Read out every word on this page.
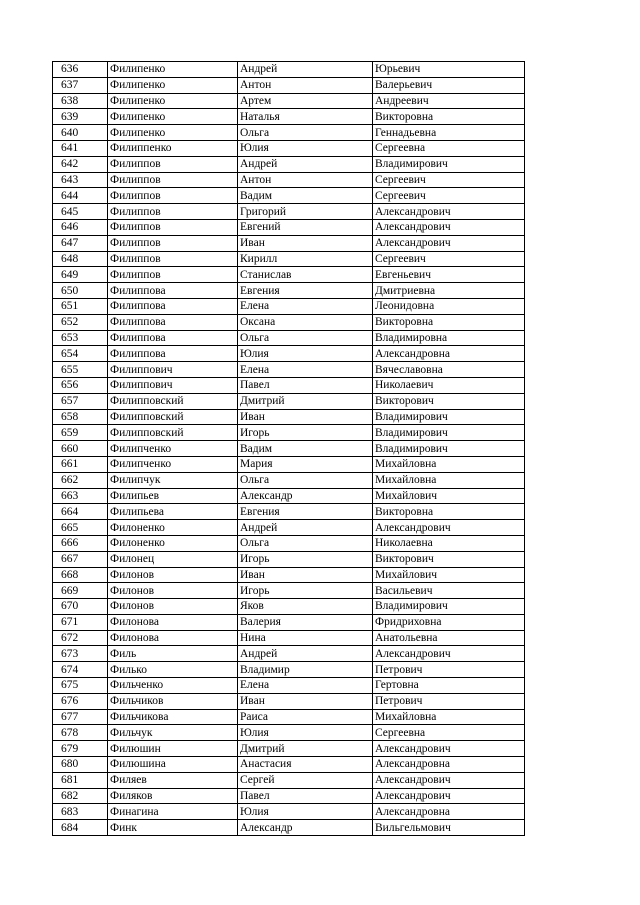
636	Филипенко	Андрей	Юрьевич
637	Филипенко	Антон	Валерьевич
638	Филипенко	Артем	Андреевич
639	Филипенко	Наталья	Викторовна
640	Филипенко	Ольга	Геннадьевна
641	Филиппенко	Юлия	Сергеевна
642	Филиппов	Андрей	Владимирович
643	Филиппов	Антон	Сергеевич
644	Филиппов	Вадим	Сергеевич
645	Филиппов	Григорий	Александрович
646	Филиппов	Евгений	Александрович
647	Филиппов	Иван	Александрович
648	Филиппов	Кирилл	Сергеевич
649	Филиппов	Станислав	Евгеньевич
650	Филиппова	Евгения	Дмитриевна
651	Филиппова	Елена	Леонидовна
652	Филиппова	Оксана	Викторовна
653	Филиппова	Ольга	Владимировна
654	Филиппова	Юлия	Александровна
655	Филиппович	Елена	Вячеславовна
656	Филиппович	Павел	Николаевич
657	Филипповский	Дмитрий	Викторович
658	Филипповский	Иван	Владимирович
659	Филипповский	Игорь	Владимирович
660	Филипченко	Вадим	Владимирович
661	Филипченко	Мария	Михайловна
662	Филипчук	Ольга	Михайловна
663	Филипьев	Александр	Михайлович
664	Филипьева	Евгения	Викторовна
665	Филоненко	Андрей	Александрович
666	Филоненко	Ольга	Николаевна
667	Филонец	Игорь	Викторович
668	Филонов	Иван	Михайлович
669	Филонов	Игорь	Васильевич
670	Филонов	Яков	Владимирович
671	Филонова	Валерия	Фридриховна
672	Филонова	Нина	Анатольевна
673	Филь	Андрей	Александрович
674	Филько	Владимир	Петрович
675	Фильченко	Елена	Гертовна
676	Фильчиков	Иван	Петрович
677	Фильчикова	Раиса	Михайловна
678	Фильчук	Юлия	Сергеевна
679	Филюшин	Дмитрий	Александрович
680	Филюшина	Анастасия	Александровна
681	Филяев	Сергей	Александрович
682	Филяков	Павел	Александрович
683	Финагина	Юлия	Александровна
684	Финк	Александр	Вильгельмович
